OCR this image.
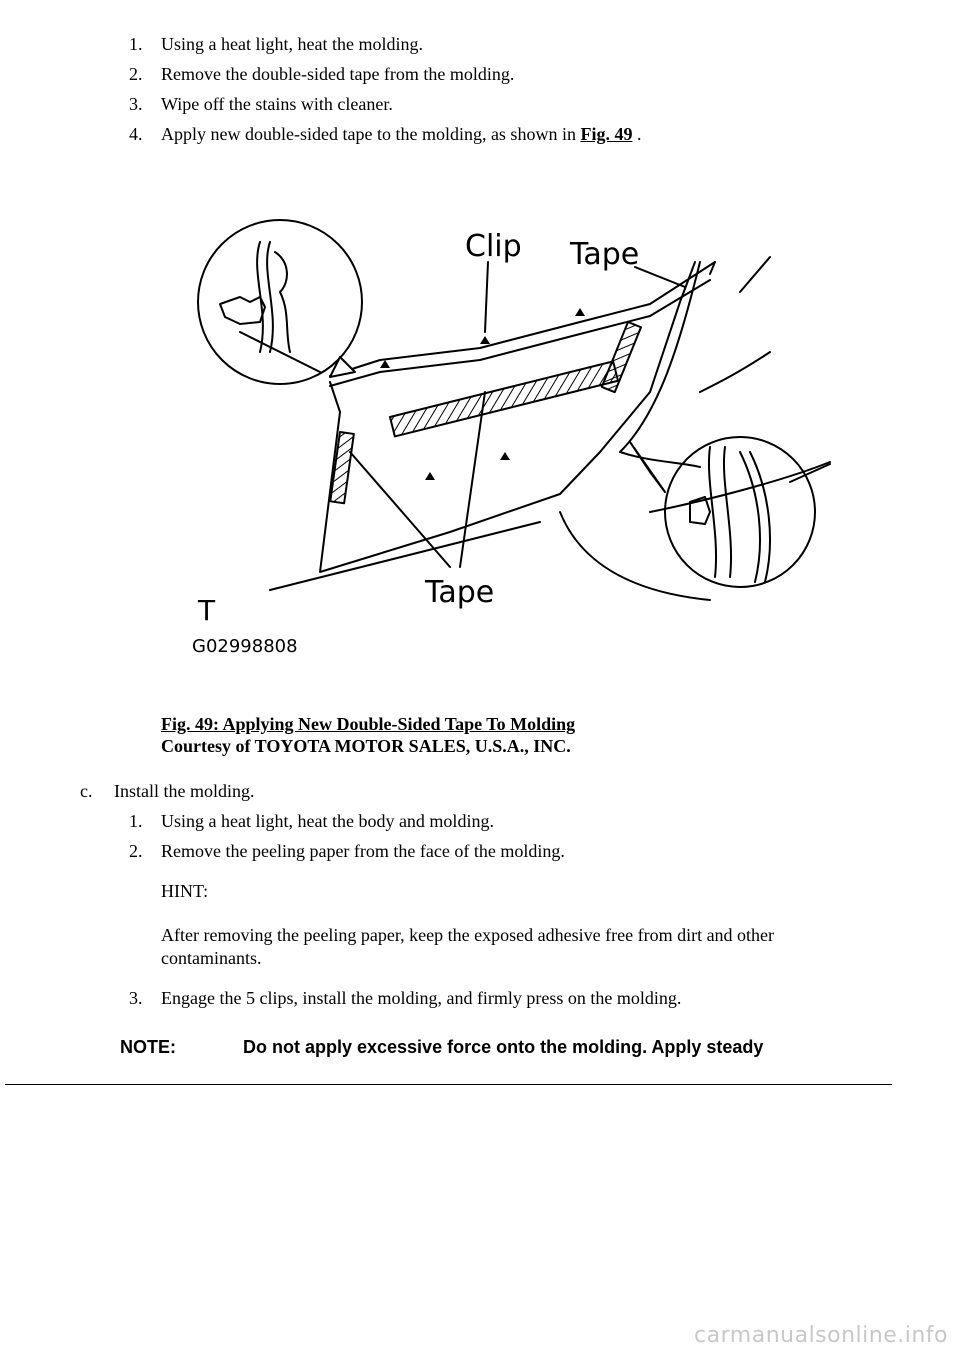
1. Using a heat light, heat the molding.
2. Remove the double-sided tape from the molding.
3. Wipe off the stains with cleaner.
4. Apply new double-sided tape to the molding, as shown in Fig. 49 .
Clip Tape
Tape
T
G02998808
Fig. 49: Applying New Double-Sided Tape To Molding
Courtesy of TOYOTA MOTOR SALES, U.S.A., INC.
c. Install the molding.
1. Using a heat light, heat the body and molding.
2. Remove the peeling paper from the face of the molding.
HINT:
After removing the peeling paper, keep the exposed adhesive free from dirt and other contaminants.
3. Engage the 5 clips, install the molding, and firmly press on the molding.
NOTE:	Do not apply excessive force onto the molding. Apply steady
carmanualsonline.info
